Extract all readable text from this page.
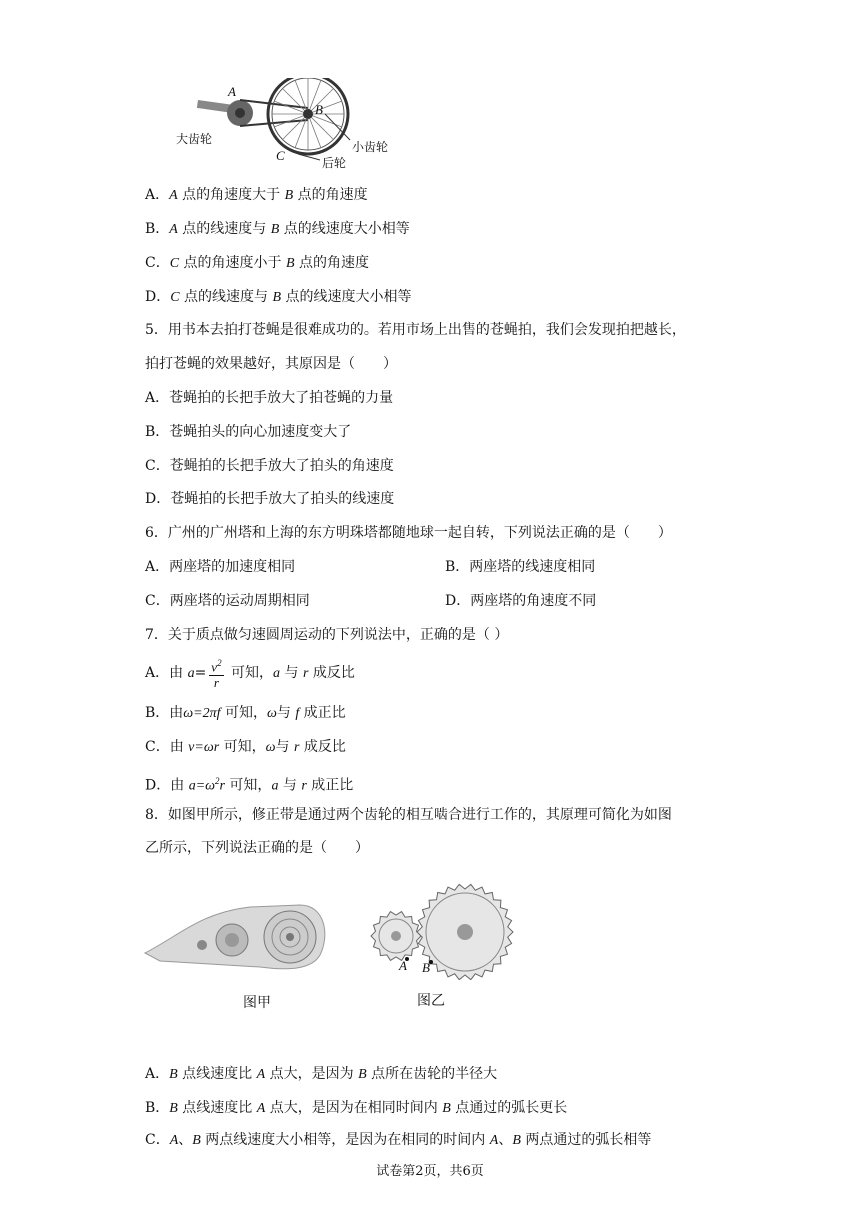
A
B
C
大齿轮
小齿轮
后轮
A．A 点的角速度大于 B 点的角速度
B．A 点的线速度与 B 点的线速度大小相等
C．C 点的角速度小于 B 点的角速度
D．C 点的线速度与 B 点的线速度大小相等
5．用书本去拍打苍蝇是很难成功的。若用市场上出售的苍蝇拍，我们会发现拍把越长，
拍打苍蝇的效果越好，其原因是（　　）
A．苍蝇拍的长把手放大了拍苍蝇的力量
B．苍蝇拍头的向心加速度变大了
C．苍蝇拍的长把手放大了拍头的角速度
D．苍蝇拍的长把手放大了拍头的线速度
6．广州的广州塔和上海的东方明珠塔都随地球一起自转，下列说法正确的是（　　）
A．两座塔的加速度相同	B．两座塔的线速度相同
C．两座塔的运动周期相同	D．两座塔的角速度不同
7．关于质点做匀速圆周运动的下列说法中，正确的是（ ）
A．由 $a= \frac{v^2}{r}$ 可知，a 与 r 成反比
B．由ω=2πf 可知，ω与 f 成正比
C．由 v=ωr 可知，ω与 r 成反比
D．由 $a=\omega^2r$ 可知，a 与 r 成正比
8．如图甲所示，修正带是通过两个齿轮的相互啮合进行工作的，其原理可简化为如图
乙所示，下列说法正确的是（　　）
图甲
A B
图乙
A．B 点线速度比 A 点大，是因为 B 点所在齿轮的半径大
B．B 点线速度比 A 点大，是因为在相同时间内 B 点通过的弧长更长
C．A、B 两点线速度大小相等，是因为在相同的时间内 A、B 两点通过的弧长相等
试卷第2页，共6页
